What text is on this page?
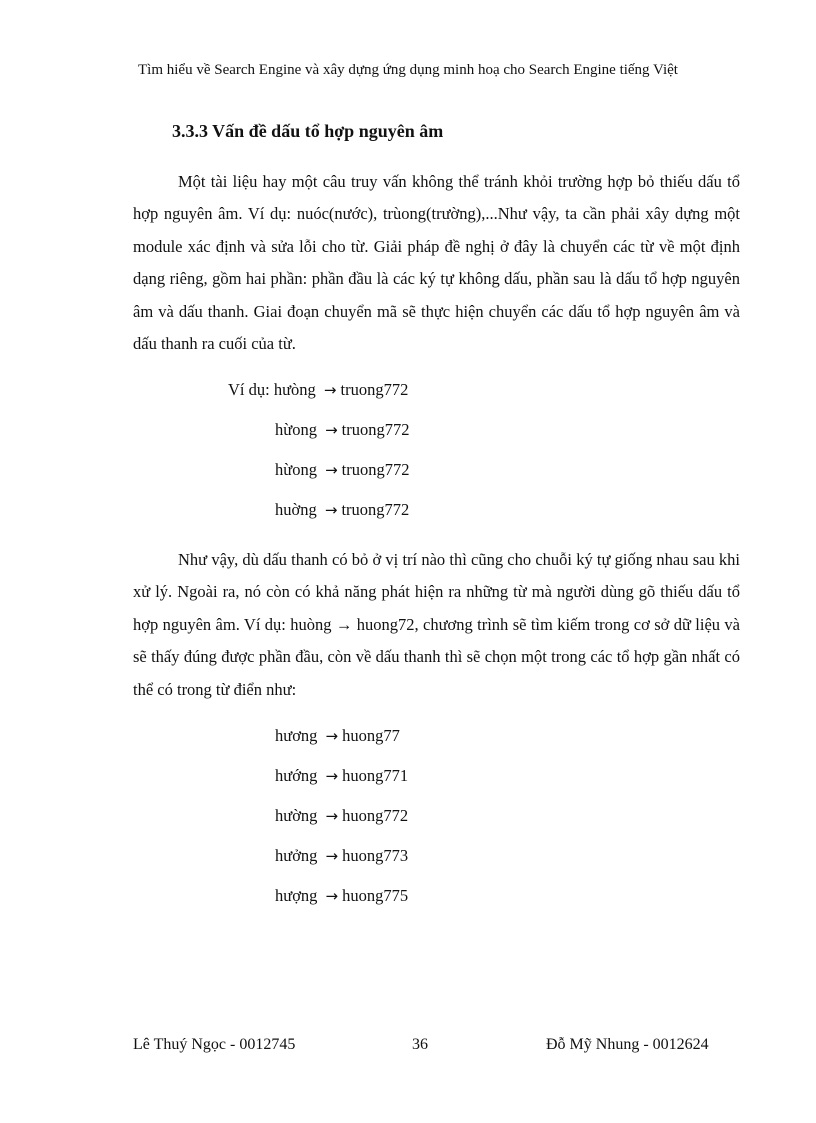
Tìm hiểu về Search Engine và xây dựng ứng dụng minh hoạ cho Search Engine tiếng Việt
3.3.3 Vấn đề dấu tổ hợp nguyên âm

Một tài liệu hay một câu truy vấn không thể tránh khỏi trường hợp bỏ thiếu dấu tổ hợp nguyên âm. Ví dụ: nuóc(nước), trùong(trường),...Như vậy, ta cần phải xây dựng một module xác định và sửa lỗi cho từ. Giải pháp đề nghị ở đây là chuyển các từ về một định dạng riêng, gồm hai phần: phần đầu là các ký tự không dấu, phần sau là dấu tổ hợp nguyên âm và dấu thanh. Giai đoạn chuyển mã sẽ thực hiện chuyển các dấu tổ hợp nguyên âm và dấu thanh ra cuối của từ.

Ví dụ: hưòng → truong772
hừong → truong772
hừong → truong772
huờng → truong772

Như vậy, dù dấu thanh có bỏ ở vị trí nào thì cũng cho chuỗi ký tự giống nhau sau khi xử lý. Ngoài ra, nó còn có khả năng phát hiện ra những từ mà người dùng gõ thiếu dấu tổ hợp nguyên âm. Ví dụ: huòng → huong72, chương trình sẽ tìm kiếm trong cơ sở dữ liệu và sẽ thấy đúng được phần đầu, còn về dấu thanh thì sẽ chọn một trong các tổ hợp gần nhất có thể có trong từ điển như:

hương → huong77
hướng → huong771
hường → huong772
hưởng → huong773
hượng → huong775
Lê Thuý Ngọc - 0012745	36	Đỗ Mỹ Nhung - 0012624
